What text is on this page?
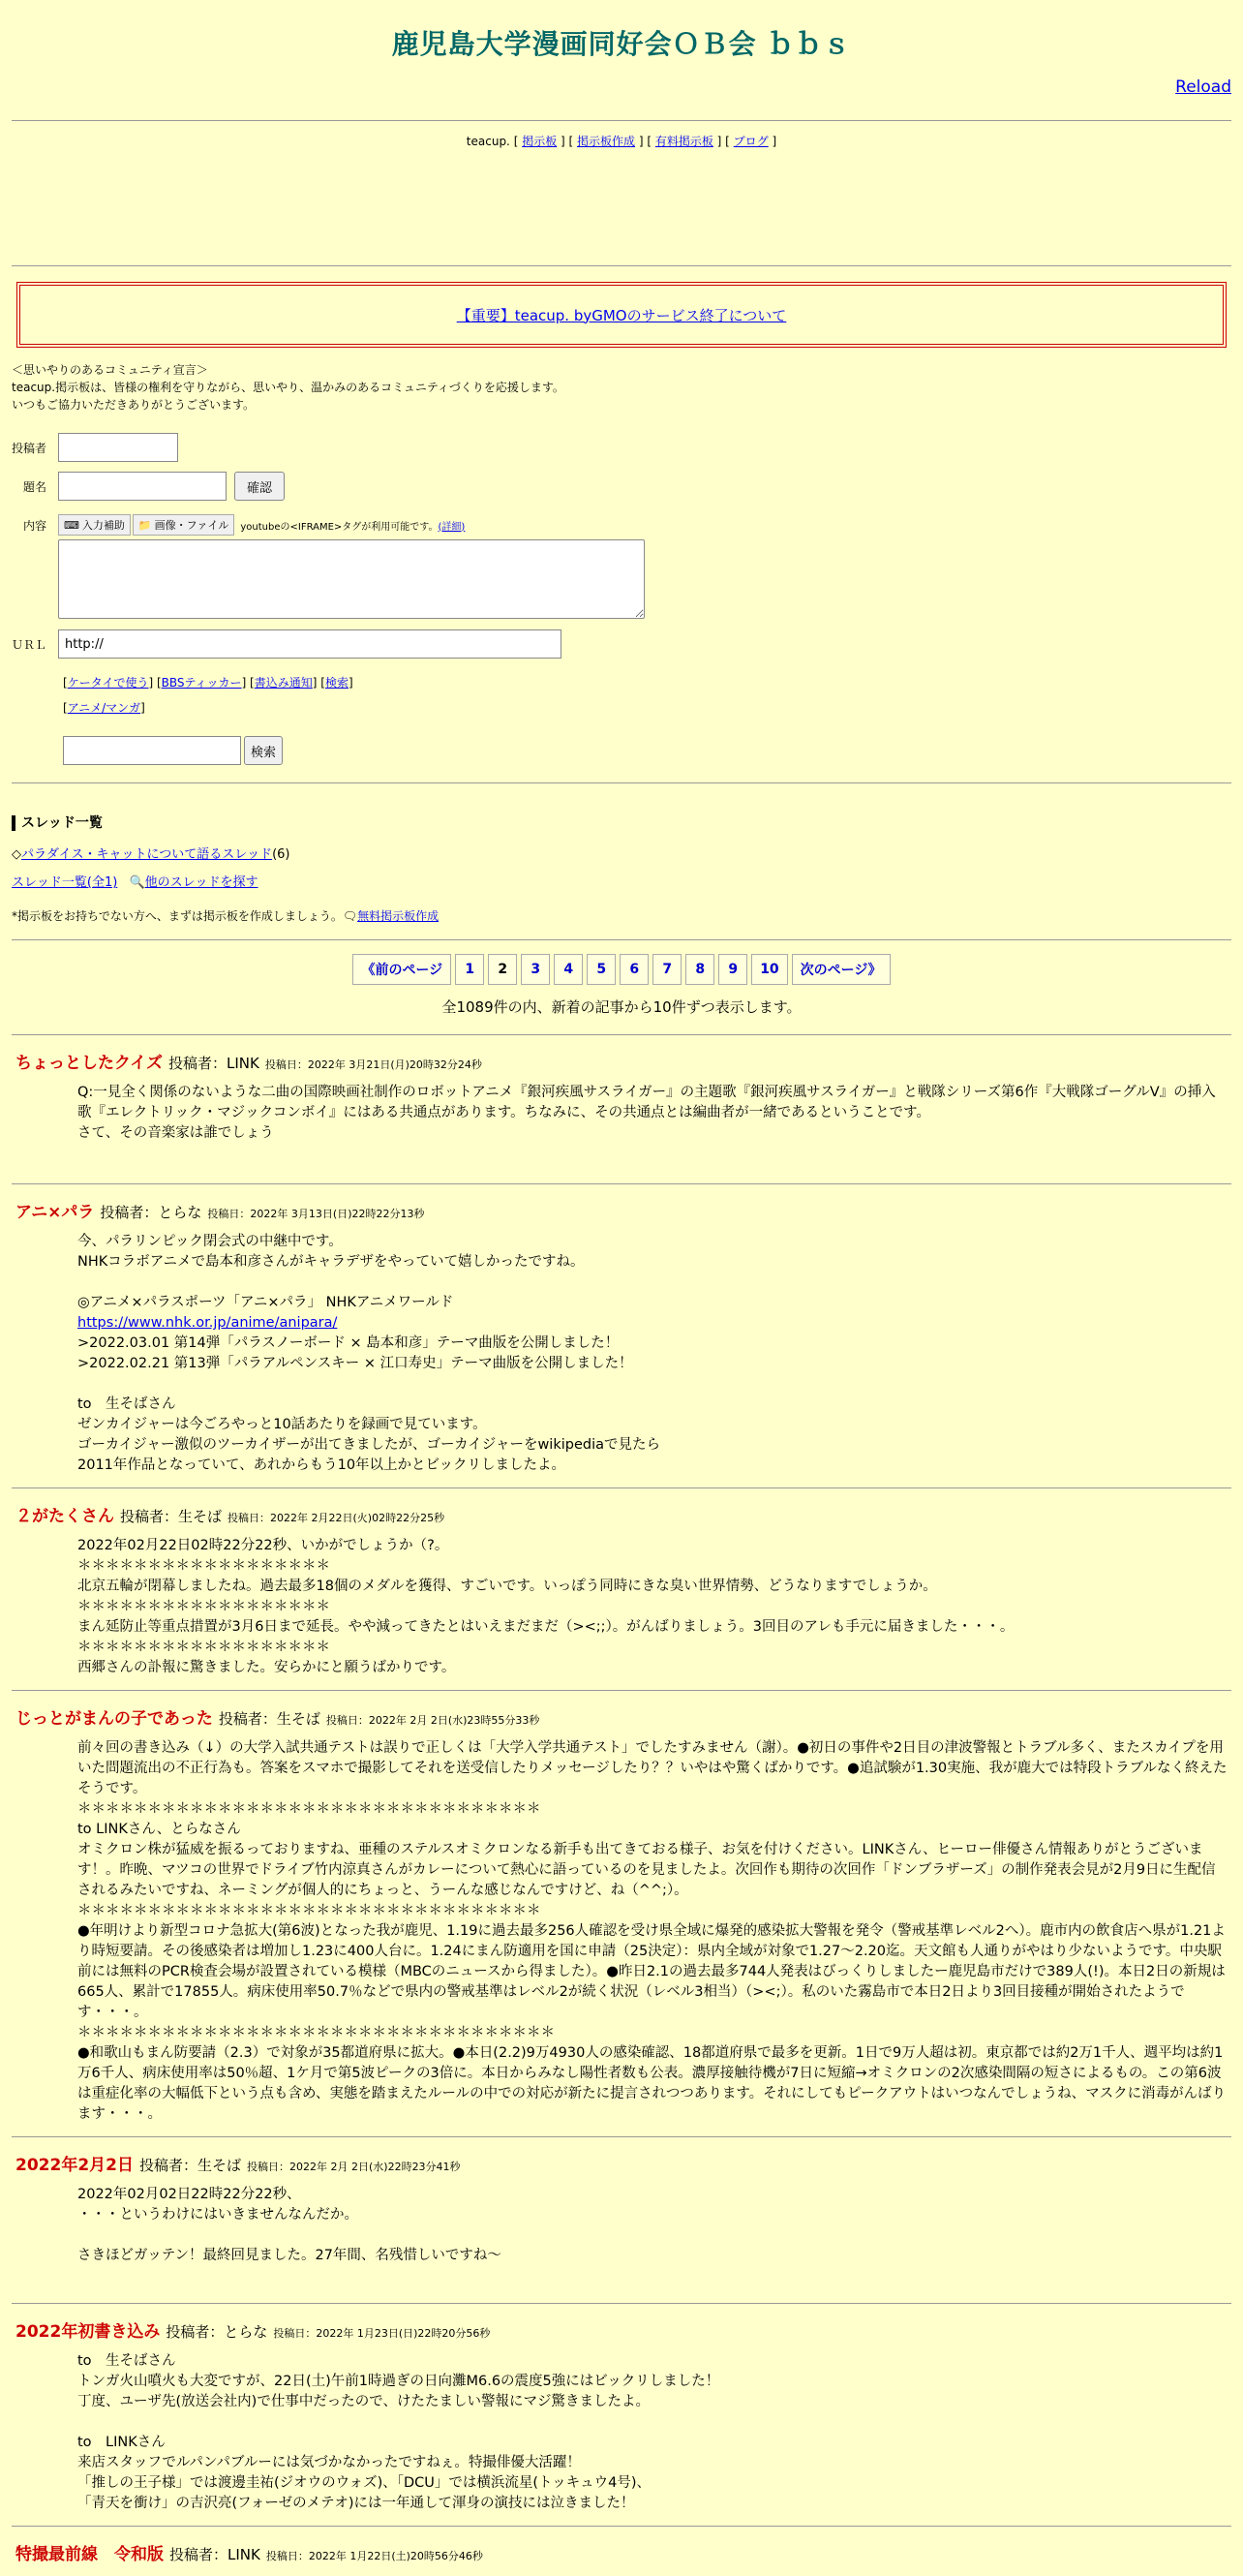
鹿児島大学漫画同好会ＯＢ会 ｂｂｓ
Reload
teacup. [ 掲示板 ] [ 掲示板作成 ] [ 有料掲示板 ] [ ブログ ]
【重要】teacup. byGMOのサービス終了について
＜思いやりのあるコミュニティ宣言＞
teacup.掲示板は、皆様の権利を守りながら、思いやり、温かみのあるコミュニティづくりを応援します。
いつもご協力いただきありがとうございます。
投稿者
題名	確認
内容	⌨ 入力補助 📁 画像・ファイル youtubeの<IFRAME>タグが利用可能です。 (詳細)
ＵＲＬ
http://
[ケータイで使う] [BBSティッカー] [書込み通知] [検索]
[アニメ/マンガ]
検索
スレッド一覧
◇パラダイス・キャットについて語るスレッド(6)
スレッド一覧(全1) 🔍他のスレッドを探す
*掲示板をお持ちでない方へ、まずは掲示板を作成しましょう。🗨無料掲示板作成
《前のページ	1	2	3	4	5	6	7	8	9	10	次のページ》
全1089件の内、新着の記事から10件ずつ表示します。
ちょっとしたクイズ 投稿者：LINK 投稿日：2022年 3月21日(月)20時32分24秒
Q:一見全く関係のないような二曲の国際映画社制作のロボットアニメ『銀河疾風サスライガー』の主題歌『銀河疾風サスライガー』と戦隊シリーズ第6作『大戦隊ゴーグルV』の挿入歌『エレクトリック・マジックコンボイ』にはある共通点があります。ちなみに、その共通点とは編曲者が一緒であるということです。
さて、その音楽家は誰でしょう
アニ×パラ 投稿者：とらな 投稿日：2022年 3月13日(日)22時22分13秒
今、パラリンピック閉会式の中継中です。
NHKコラボアニメで島本和彦さんがキャラデザをやっていて嬉しかったですね。

◎アニメ×パラスポーツ「アニ×パラ」 NHKアニメワールド
https://www.nhk.or.jp/anime/anipara/
>2022.03.01 第14弾「パラスノーボード × 島本和彦」テーマ曲版を公開しました！
>2022.02.21 第13弾「パラアルペンスキー × 江口寿史」テーマ曲版を公開しました！

to　生そばさん
ゼンカイジャーは今ごろやっと10話あたりを録画で見ています。
ゴーカイジャー激似のツーカイザーが出てきましたが、ゴーカイジャーをwikipediaで見たら
2011年作品となっていて、あれからもう10年以上かとビックリしましたよ。
２がたくさん 投稿者：生そば 投稿日：2022年 2月22日(火)02時22分25秒
2022年02月22日02時22分22秒、いかがでしょうか（?。
＊＊＊＊＊＊＊＊＊＊＊＊＊＊＊＊＊＊
北京五輪が閉幕しましたね。過去最多18個のメダルを獲得、すごいです。いっぽう同時にきな臭い世界情勢、どうなりますでしょうか。
＊＊＊＊＊＊＊＊＊＊＊＊＊＊＊＊＊＊
まん延防止等重点措置が3月6日まで延長。やや減ってきたとはいえまだまだ（><;;）。がんばりましょう。3回目のアレも手元に届きました・・・。
＊＊＊＊＊＊＊＊＊＊＊＊＊＊＊＊＊＊
西郷さんの訃報に驚きました。安らかにと願うばかりです。
じっとがまんの子であった 投稿者：生そば 投稿日：2022年 2月 2日(水)23時55分33秒
前々回の書き込み（↓）の大学入試共通テストは誤りで正しくは「大学入学共通テスト」でしたすみません（謝）。●初日の事件や2日目の津波警報とトラブル多く、またスカイプを用いた問題流出の不正行為も。答案をスマホで撮影してそれを送受信したりメッセージしたり？？いやはや驚くばかりです。●追試験が1.30実施、我が鹿大では特段トラブルなく終えたそうです。
＊＊＊＊＊＊＊＊＊＊＊＊＊＊＊＊＊＊＊＊＊＊＊＊＊＊＊＊＊＊＊＊＊
to LINKさん、とらなさん
オミクロン株が猛威を振るっておりますね、亜種のステルスオミクロンなる新手も出てきておる様子、お気を付けください。LINKさん、ヒーロー俳優さん情報ありがとうございます！。昨晩、マツコの世界でドライブ竹内涼真さんがカレーについて熱心に語っているのを見ましたよ。次回作も期待の次回作「ドンブラザーズ」の制作発表会見が2月9日に生配信されるみたいですね、ネーミングが個人的にちょっと、うーんな感じなんですけど、ね（^^;）。
＊＊＊＊＊＊＊＊＊＊＊＊＊＊＊＊＊＊＊＊＊＊＊＊＊＊＊＊＊＊＊＊＊
●年明けより新型コロナ急拡大(第6波)となった我が鹿児、1.19に過去最多256人確認を受け県全域に爆発的感染拡大警報を発令（警戒基準レベル2へ）。鹿市内の飲食店へ県が1.21より時短要請。その後感染者は増加し1.23に400人台に。1.24にまん防適用を国に申請（25決定）：県内全域が対象で1.27～2.20迄。天文館も人通りがやはり少ないようです。中央駅前には無料のPCR検査会場が設置されている模様（MBCのニュースから得ました）。●昨日2.1の過去最多744人発表はびっくりしましたー鹿児島市だけで389人(!)。本日2日の新規は665人、累計で17855人。病床使用率50.7％などで県内の警戒基準はレベル2が続く状況（レベル3相当）（><;）。私のいた霧島市で本日2日より3回目接種が開始されたようです・・・。
＊＊＊＊＊＊＊＊＊＊＊＊＊＊＊＊＊＊＊＊＊＊＊＊＊＊＊＊＊＊＊＊＊＊
●和歌山もまん防要請（2.3）で対象が35都道府県に拡大。●本日(2.2)9万4930人の感染確認、18都道府県で最多を更新。1日で9万人超は初。東京都では約2万1千人、週平均は約1万6千人、病床使用率は50％超、1ケ月で第5波ピークの3倍に。本日からみなし陽性者数も公表。濃厚接触待機が7日に短縮→オミクロンの2次感染間隔の短さによるもの。この第6波は重症化率の大幅低下という点も含め、実態を踏まえたルールの中での対応が新たに提言されつつあります。それにしてもピークアウトはいつなんでしょうね、マスクに消毒がんばります・・・。
2022年2月2日 投稿者：生そば 投稿日：2022年 2月 2日(水)22時23分41秒
2022年02月02日22時22分22秒、
・・・というわけにはいきませんなんだか。

さきほどガッテン！最終回見ました。27年間、名残惜しいですね～
2022年初書き込み 投稿者：とらな 投稿日：2022年 1月23日(日)22時20分56秒
to　生そばさん
トンガ火山噴火も大変ですが、22日(土)午前1時過ぎの日向灘M6.6の震度5強にはビックリしました！
丁度、ユーザ先(放送会社内)で仕事中だったので、けたたましい警報にマジ驚きましたよ。

to　LINKさん
来店スタッフでルパンパブルーには気づかなかったですねぇ。特撮俳優大活躍！
「推しの王子様」では渡邊圭祐(ジオウのウォズ)、「DCU」では横浜流星(トッキュウ4号)、
「青天を衝け」の吉沢亮(フォーゼのメテオ)には一年通して渾身の演技には泣きました！
特撮最前線　令和版 投稿者：LINK 投稿日：2022年 1月22日(土)20時56分46秒
